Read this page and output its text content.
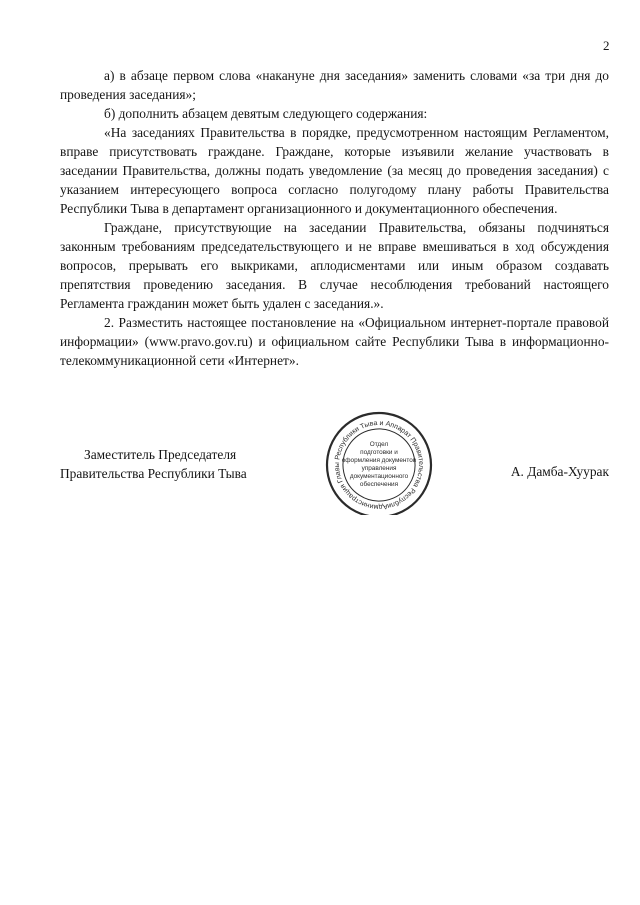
2

а) в абзаце первом слова «накануне дня заседания» заменить словами «за три дня до проведения заседания»;

б) дополнить абзацем девятым следующего содержания:

«На заседаниях Правительства в порядке, предусмотренном настоящим Регламентом, вправе присутствовать граждане. Граждане, которые изъявили желание участвовать в заседании Правительства, должны подать уведомление (за месяц до проведения заседания) с указанием интересующего вопроса согласно полугодому плану работы Правительства Республики Тыва в департамент организационного и документационного обеспечения.

Граждане, присутствующие на заседании Правительства, обязаны подчиняться законным требованиям председательствующего и не вправе вмешиваться в ход обсуждения вопросов, прерывать его выкриками, аплодисментами или иным образом создавать препятствия проведению заседания. В случае несоблюдения требований настоящего Регламента гражданин может быть удален с заседания.».

2. Разместить настоящее постановление на «Официальном интернет-портале правовой информации» (www.pravo.gov.ru) и официальном сайте Республики Тыва в информационно-телекоммуникационной сети «Интернет».

Заместитель Председателя
Правительства Республики Тыва
Администрация Главы Республики Тыва и Аппарат Правительства Республики
Отдел
подготовки и
оформления документов
управления
документационного
обеспечения
А. Дамба-Хуурак
